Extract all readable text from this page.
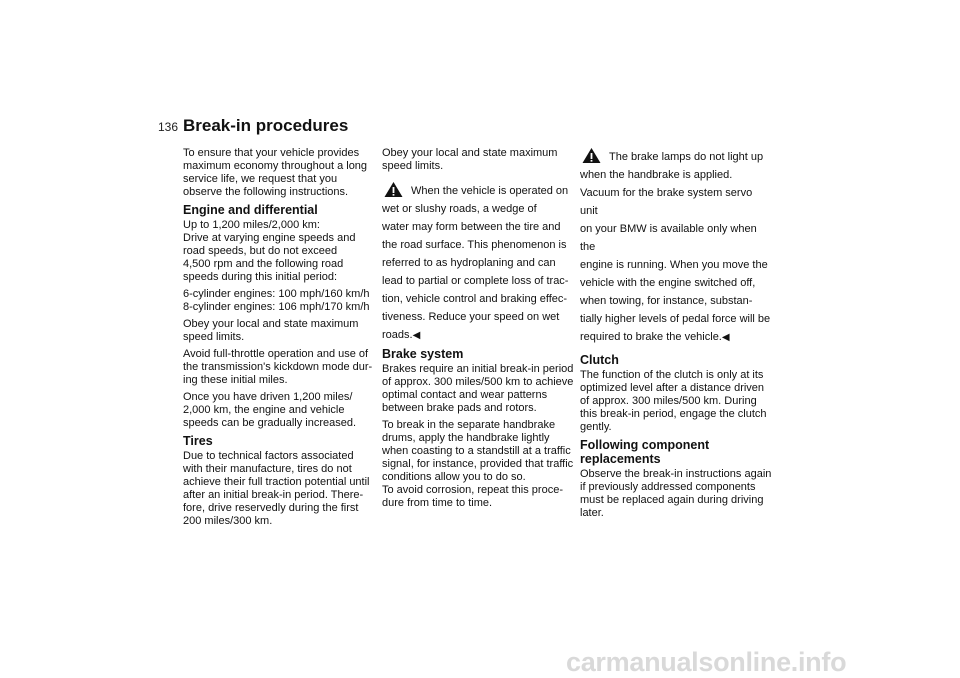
136 Break-in procedures

To ensure that your vehicle provides
maximum economy throughout a long
service life, we request that you
observe the following instructions.

Engine and differential

Up to 1,200 miles/2,000 km:
Drive at varying engine speeds and
road speeds, but do not exceed
4,500 rpm and the following road
speeds during this initial period:

6-cylinder engines: 100 mph/160 km/h
8-cylinder engines: 106 mph/170 km/h

Obey your local and state maximum
speed limits.

Avoid full-throttle operation and use of
the transmission's kickdown mode dur-
ing these initial miles.

Once you have driven 1,200 miles/
2,000 km, the engine and vehicle
speeds can be gradually increased.

Tires

Due to technical factors associated
with their manufacture, tires do not
achieve their full traction potential until
after an initial break-in period. There-
fore, drive reservedly during the first
200 miles/300 km.

Obey your local and state maximum
speed limits.

When the vehicle is operated on
wet or slushy roads, a wedge of
water may form between the tire and
the road surface. This phenomenon is
referred to as hydroplaning and can
lead to partial or complete loss of trac-
tion, vehicle control and braking effec-
tiveness. Reduce your speed on wet
roads.◀

Brake system

Brakes require an initial break-in period
of approx. 300 miles/500 km to achieve
optimal contact and wear patterns
between brake pads and rotors.

To break in the separate handbrake
drums, apply the handbrake lightly
when coasting to a standstill at a traffic
signal, for instance, provided that traffic
conditions allow you to do so.
To avoid corrosion, repeat this proce-
dure from time to time.

The brake lamps do not light up
when the handbrake is applied.
Vacuum for the brake system servo unit
on your BMW is available only when the
engine is running. When you move the
vehicle with the engine switched off,
when towing, for instance, substan-
tially higher levels of pedal force will be
required to brake the vehicle.◀

Clutch

The function of the clutch is only at its
optimized level after a distance driven
of approx. 300 miles/500 km. During
this break-in period, engage the clutch
gently.

Following component
replacements

Observe the break-in instructions again
if previously addressed components
must be replaced again during driving
later.

carmanualsonline.info
